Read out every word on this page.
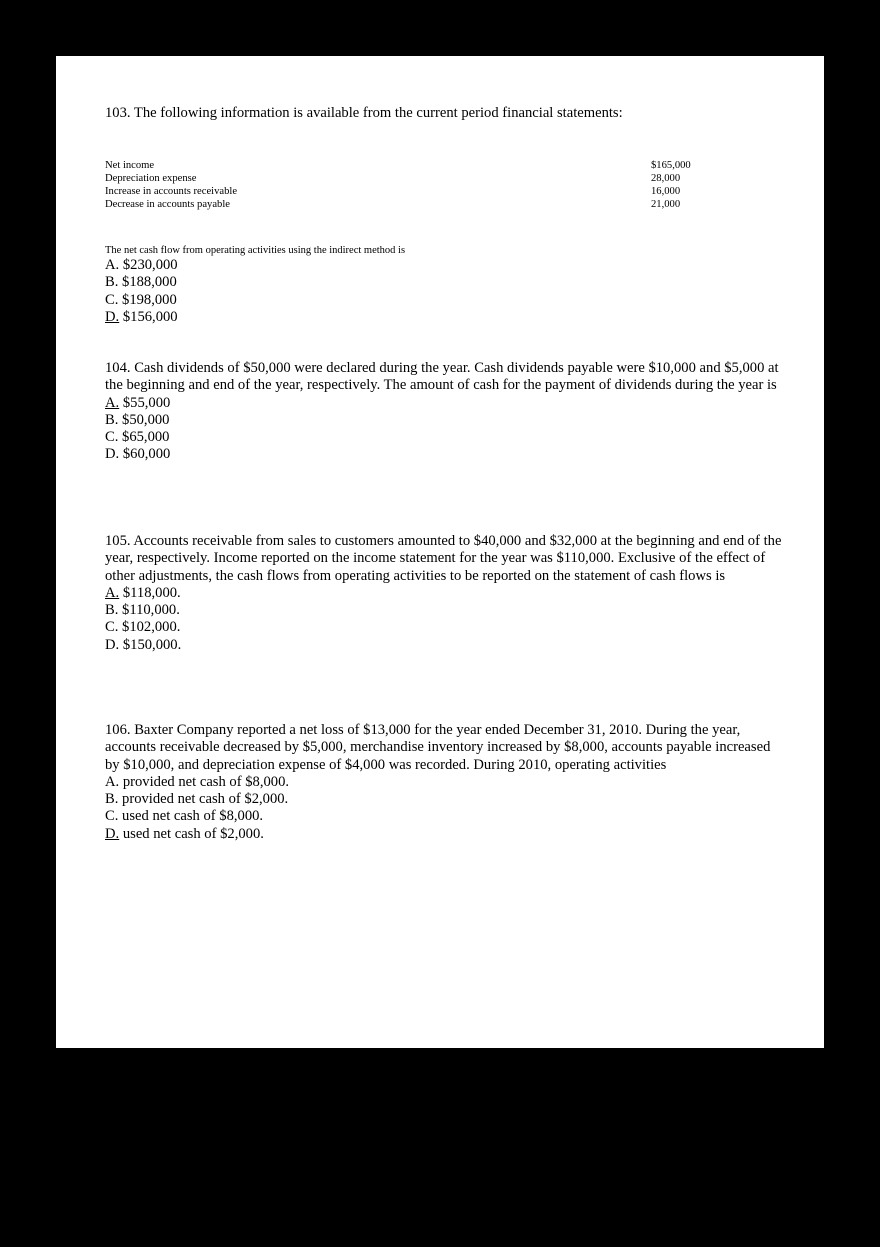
103. The following information is available from the current period financial statements:

Net income	$165,000
Depreciation expense	28,000
Increase in accounts receivable	16,000
Decrease in accounts payable	21,000

The net cash flow from operating activities using the indirect method is

A. $230,000
B. $188,000
C. $198,000
D. $156,000

104. Cash dividends of $50,000 were declared during the year. Cash dividends payable were $10,000 and $5,000 at the beginning and end of the year, respectively. The amount of cash for the payment of dividends during the year is

A. $55,000
B. $50,000
C. $65,000
D. $60,000

105. Accounts receivable from sales to customers amounted to $40,000 and $32,000 at the beginning and end of the year, respectively. Income reported on the income statement for the year was $110,000. Exclusive of the effect of other adjustments, the cash flows from operating activities to be reported on the statement of cash flows is

A. $118,000.
B. $110,000.
C. $102,000.
D. $150,000.

106. Baxter Company reported a net loss of $13,000 for the year ended December 31, 2010. During the year, accounts receivable decreased by $5,000, merchandise inventory increased by $8,000, accounts payable increased by $10,000, and depreciation expense of $4,000 was recorded. During 2010, operating activities

A. provided net cash of $8,000.
B. provided net cash of $2,000.
C. used net cash of $8,000.
D. used net cash of $2,000.
